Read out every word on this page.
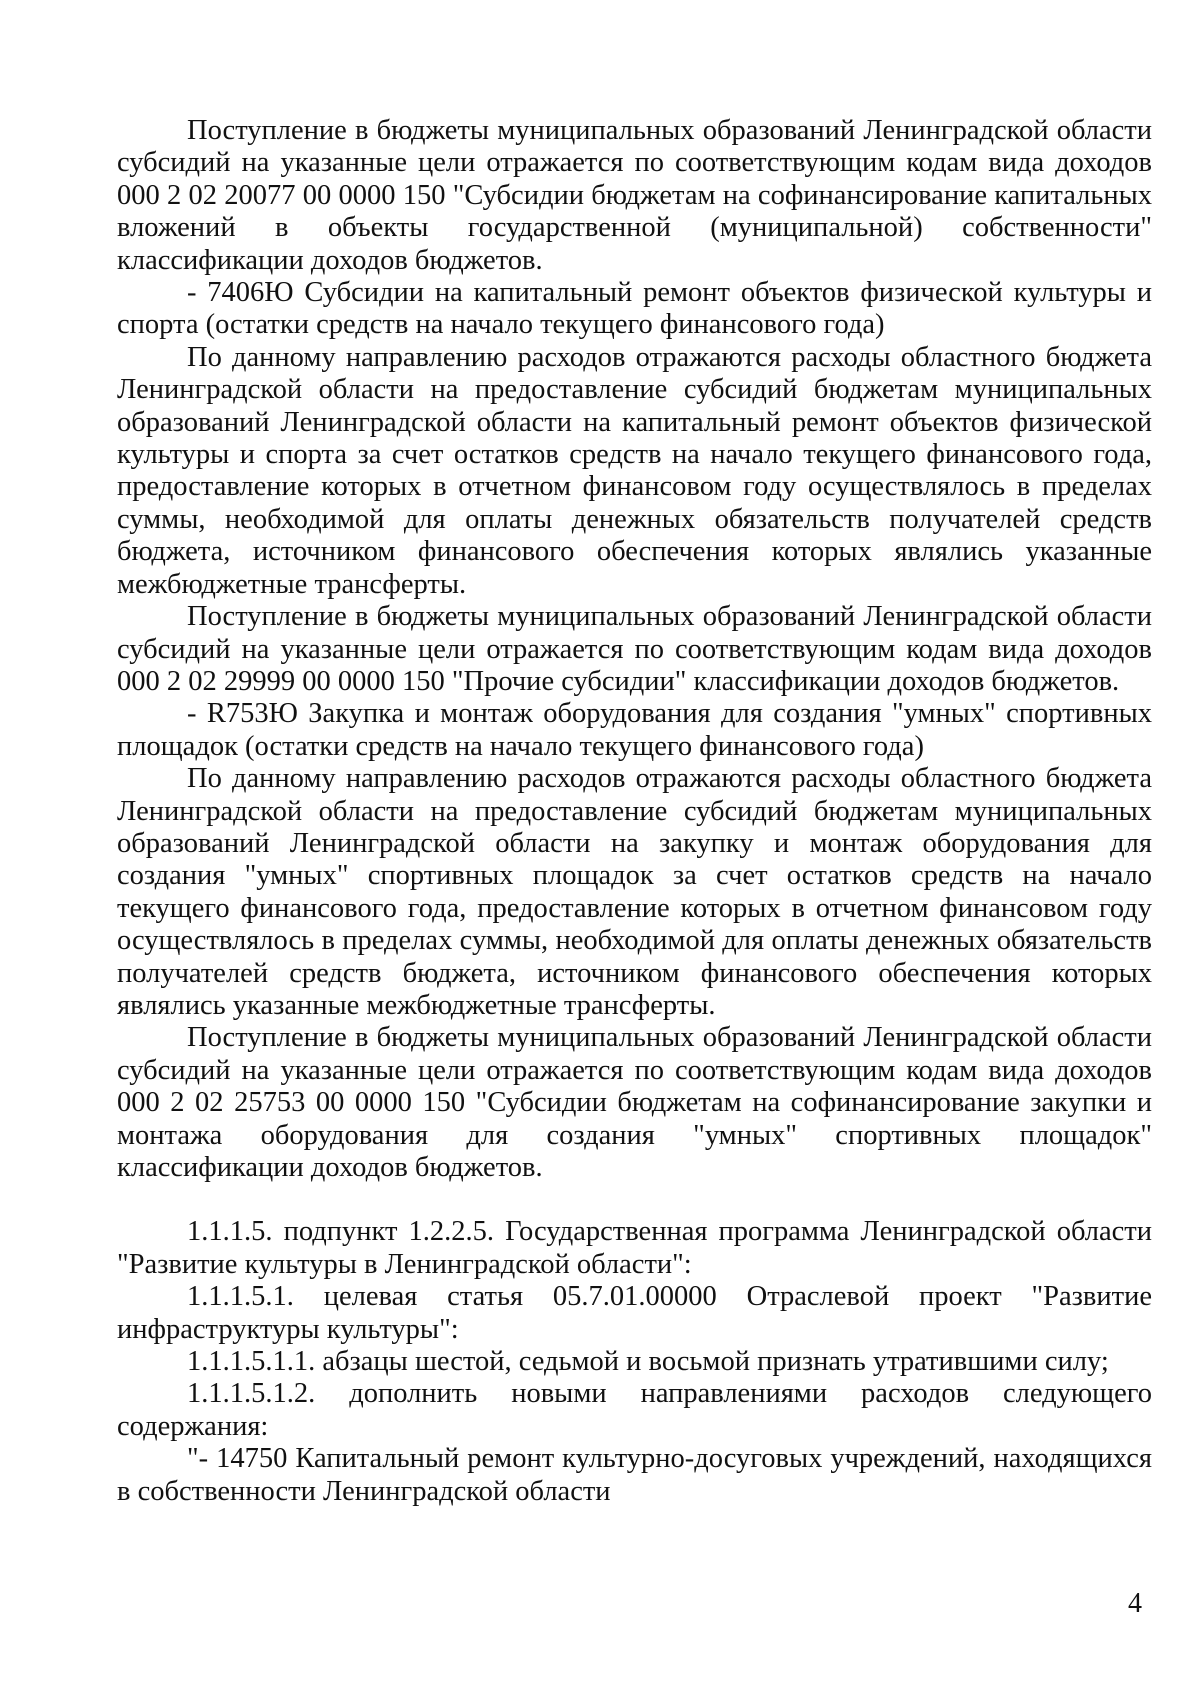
Поступление в бюджеты муниципальных образований Ленинградской области субсидий на указанные цели отражается по соответствующим кодам вида доходов 000 2 02 20077 00 0000 150 "Субсидии бюджетам на софинансирование капитальных вложений в объекты государственной (муниципальной) собственности" классификации доходов бюджетов.

- 7406Ю Субсидии на капитальный ремонт объектов физической культуры и спорта (остатки средств на начало текущего финансового года)

По данному направлению расходов отражаются расходы областного бюджета Ленинградской области на предоставление субсидий бюджетам муниципальных образований Ленинградской области на капитальный ремонт объектов физической культуры и спорта за счет остатков средств на начало текущего финансового года, предоставление которых в отчетном финансовом году осуществлялось в пределах суммы, необходимой для оплаты денежных обязательств получателей средств бюджета, источником финансового обеспечения которых являлись указанные межбюджетные трансферты.

Поступление в бюджеты муниципальных образований Ленинградской области субсидий на указанные цели отражается по соответствующим кодам вида доходов 000 2 02 29999 00 0000 150 "Прочие субсидии" классификации доходов бюджетов.

- R753Ю Закупка и монтаж оборудования для создания "умных" спортивных площадок (остатки средств на начало текущего финансового года)

По данному направлению расходов отражаются расходы областного бюджета Ленинградской области на предоставление субсидий бюджетам муниципальных образований Ленинградской области на закупку и монтаж оборудования для создания "умных" спортивных площадок за счет остатков средств на начало текущего финансового года, предоставление которых в отчетном финансовом году осуществлялось в пределах суммы, необходимой для оплаты денежных обязательств получателей средств бюджета, источником финансового обеспечения которых являлись указанные межбюджетные трансферты.

Поступление в бюджеты муниципальных образований Ленинградской области субсидий на указанные цели отражается по соответствующим кодам вида доходов 000 2 02 25753 00 0000 150 "Субсидии бюджетам на софинансирование закупки и монтажа оборудования для создания "умных" спортивных площадок" классификации доходов бюджетов.

1.1.1.5. подпункт 1.2.2.5. Государственная программа Ленинградской области "Развитие культуры в Ленинградской области":

1.1.1.5.1. целевая статья 05.7.01.00000 Отраслевой проект "Развитие инфраструктуры культуры":

1.1.1.5.1.1. абзацы шестой, седьмой и восьмой признать утратившими силу;

1.1.1.5.1.2. дополнить новыми направлениями расходов следующего содержания:

"- 14750 Капитальный ремонт культурно-досуговых учреждений, находящихся в собственности Ленинградской области

4
